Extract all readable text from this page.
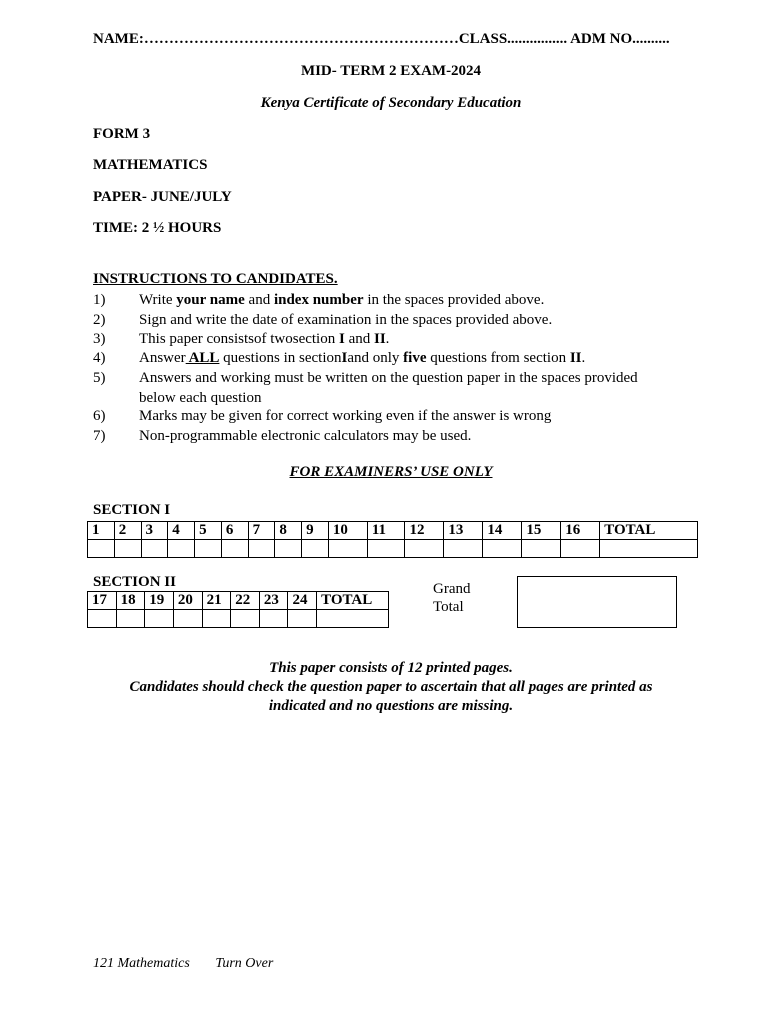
NAME:………………………………………………………CLASS................ ADM NO..........
MID- TERM 2 EXAM-2024
Kenya Certificate of Secondary Education
FORM 3
MATHEMATICS
PAPER- JUNE/JULY
TIME: 2 ½ HOURS
INSTRUCTIONS TO CANDIDATES.
1) Write your name and index number in the spaces provided above.
2) Sign and write the date of examination in the spaces provided above.
3) This paper consistsof twosection I and II.
4) Answer ALL questions in sectionIand only five questions from section II.
5) Answers and working must be written on the question paper in the spaces provided below each question
6) Marks may be given for correct working even if the answer is wrong
7) Non-programmable electronic calculators may be used.
FOR EXAMINERS’ USE ONLY
SECTION I
1	2	3	4	5	6	7	8	9	10	11	12	13	14	15	16	TOTAL

SECTION II
17	18	19	20	21	22	23	24	TOTAL

Grand
Total
This paper consists of 12 printed pages.
Candidates should check the question paper to ascertain that all pages are printed as
indicated and no questions are missing.
121 Mathematics Turn Over
